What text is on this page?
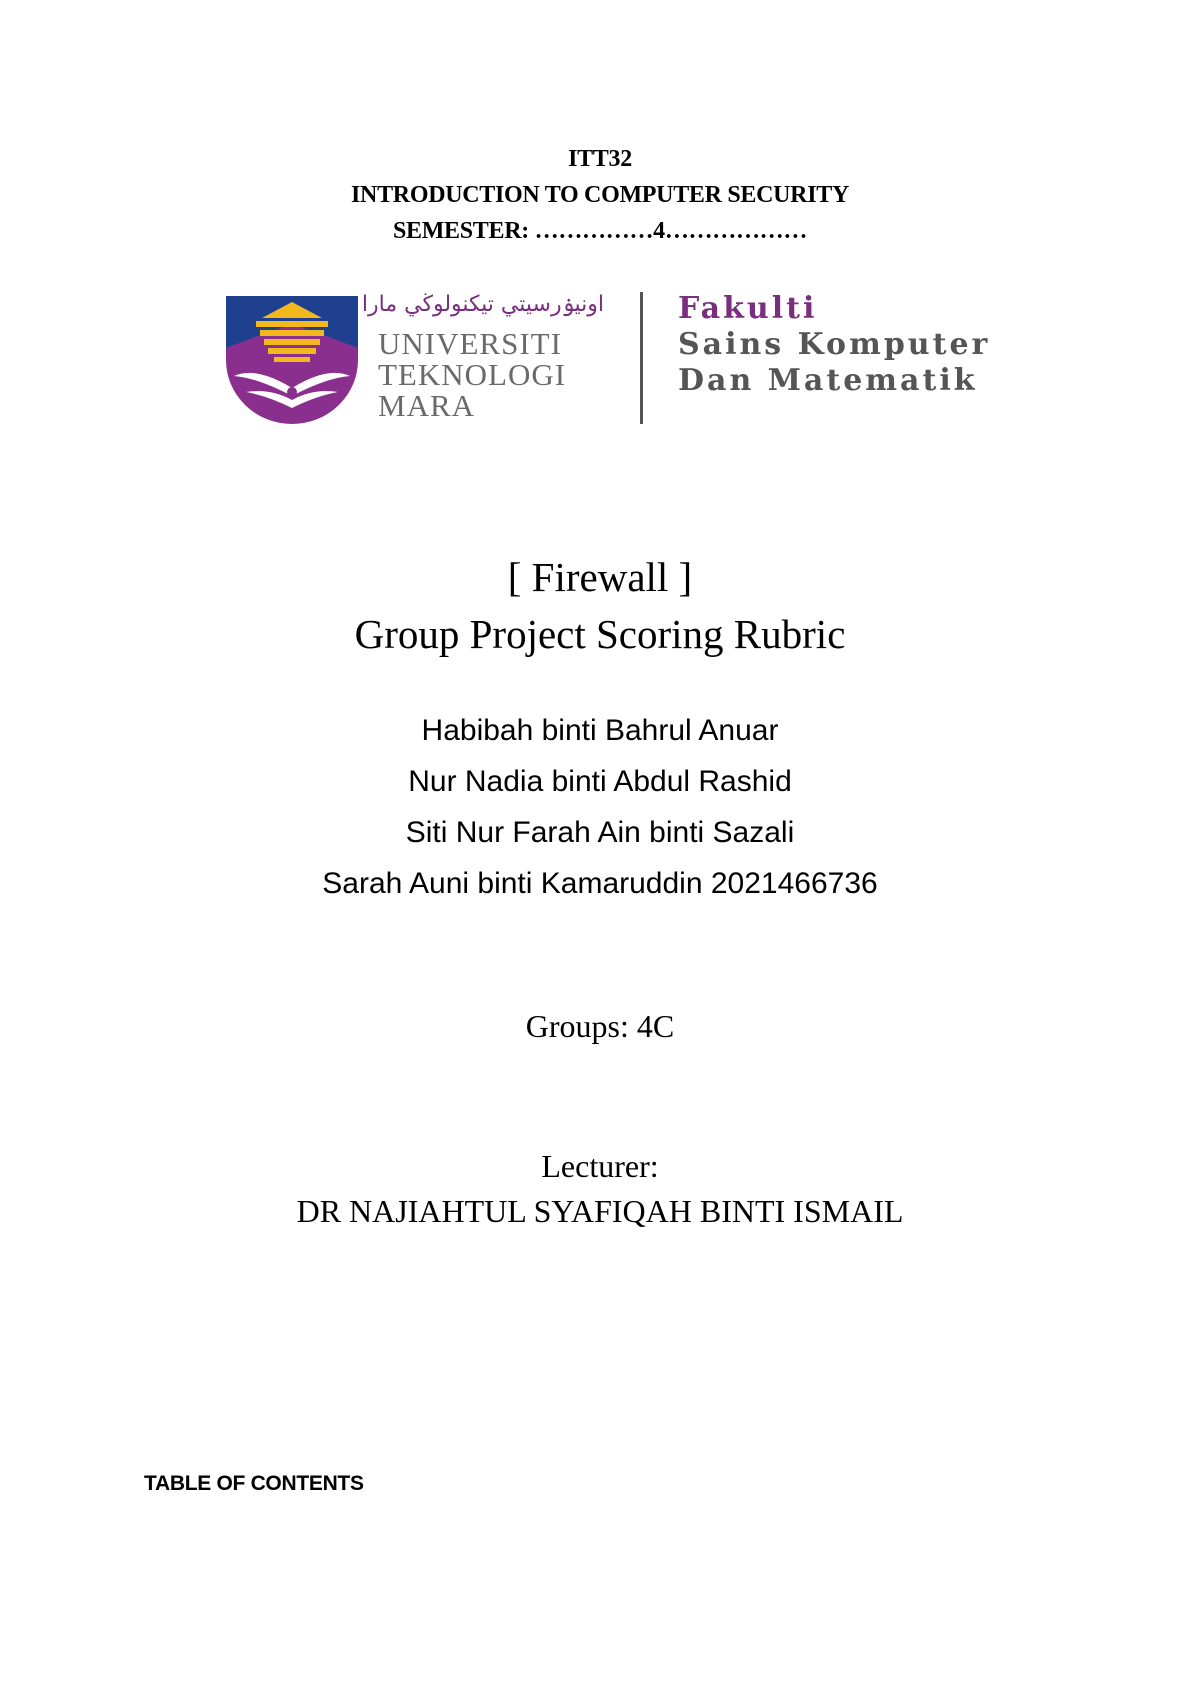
ITT32
INTRODUCTION TO COMPUTER SECURITY
SEMESTER: ……………4………………
اونيۏرسيتي تيكنولوڬي مارا
UNIVERSITI
TEKNOLOGI
MARA
Fakulti
Sains Komputer
Dan Matematik
[ Firewall ]
Group Project Scoring Rubric
Habibah binti Bahrul Anuar
Nur Nadia binti Abdul Rashid
Siti Nur Farah Ain binti Sazali
Sarah Auni binti Kamaruddin 2021466736
Groups: 4C
Lecturer:
DR NAJIAHTUL SYAFIQAH BINTI ISMAIL
TABLE OF CONTENTS
